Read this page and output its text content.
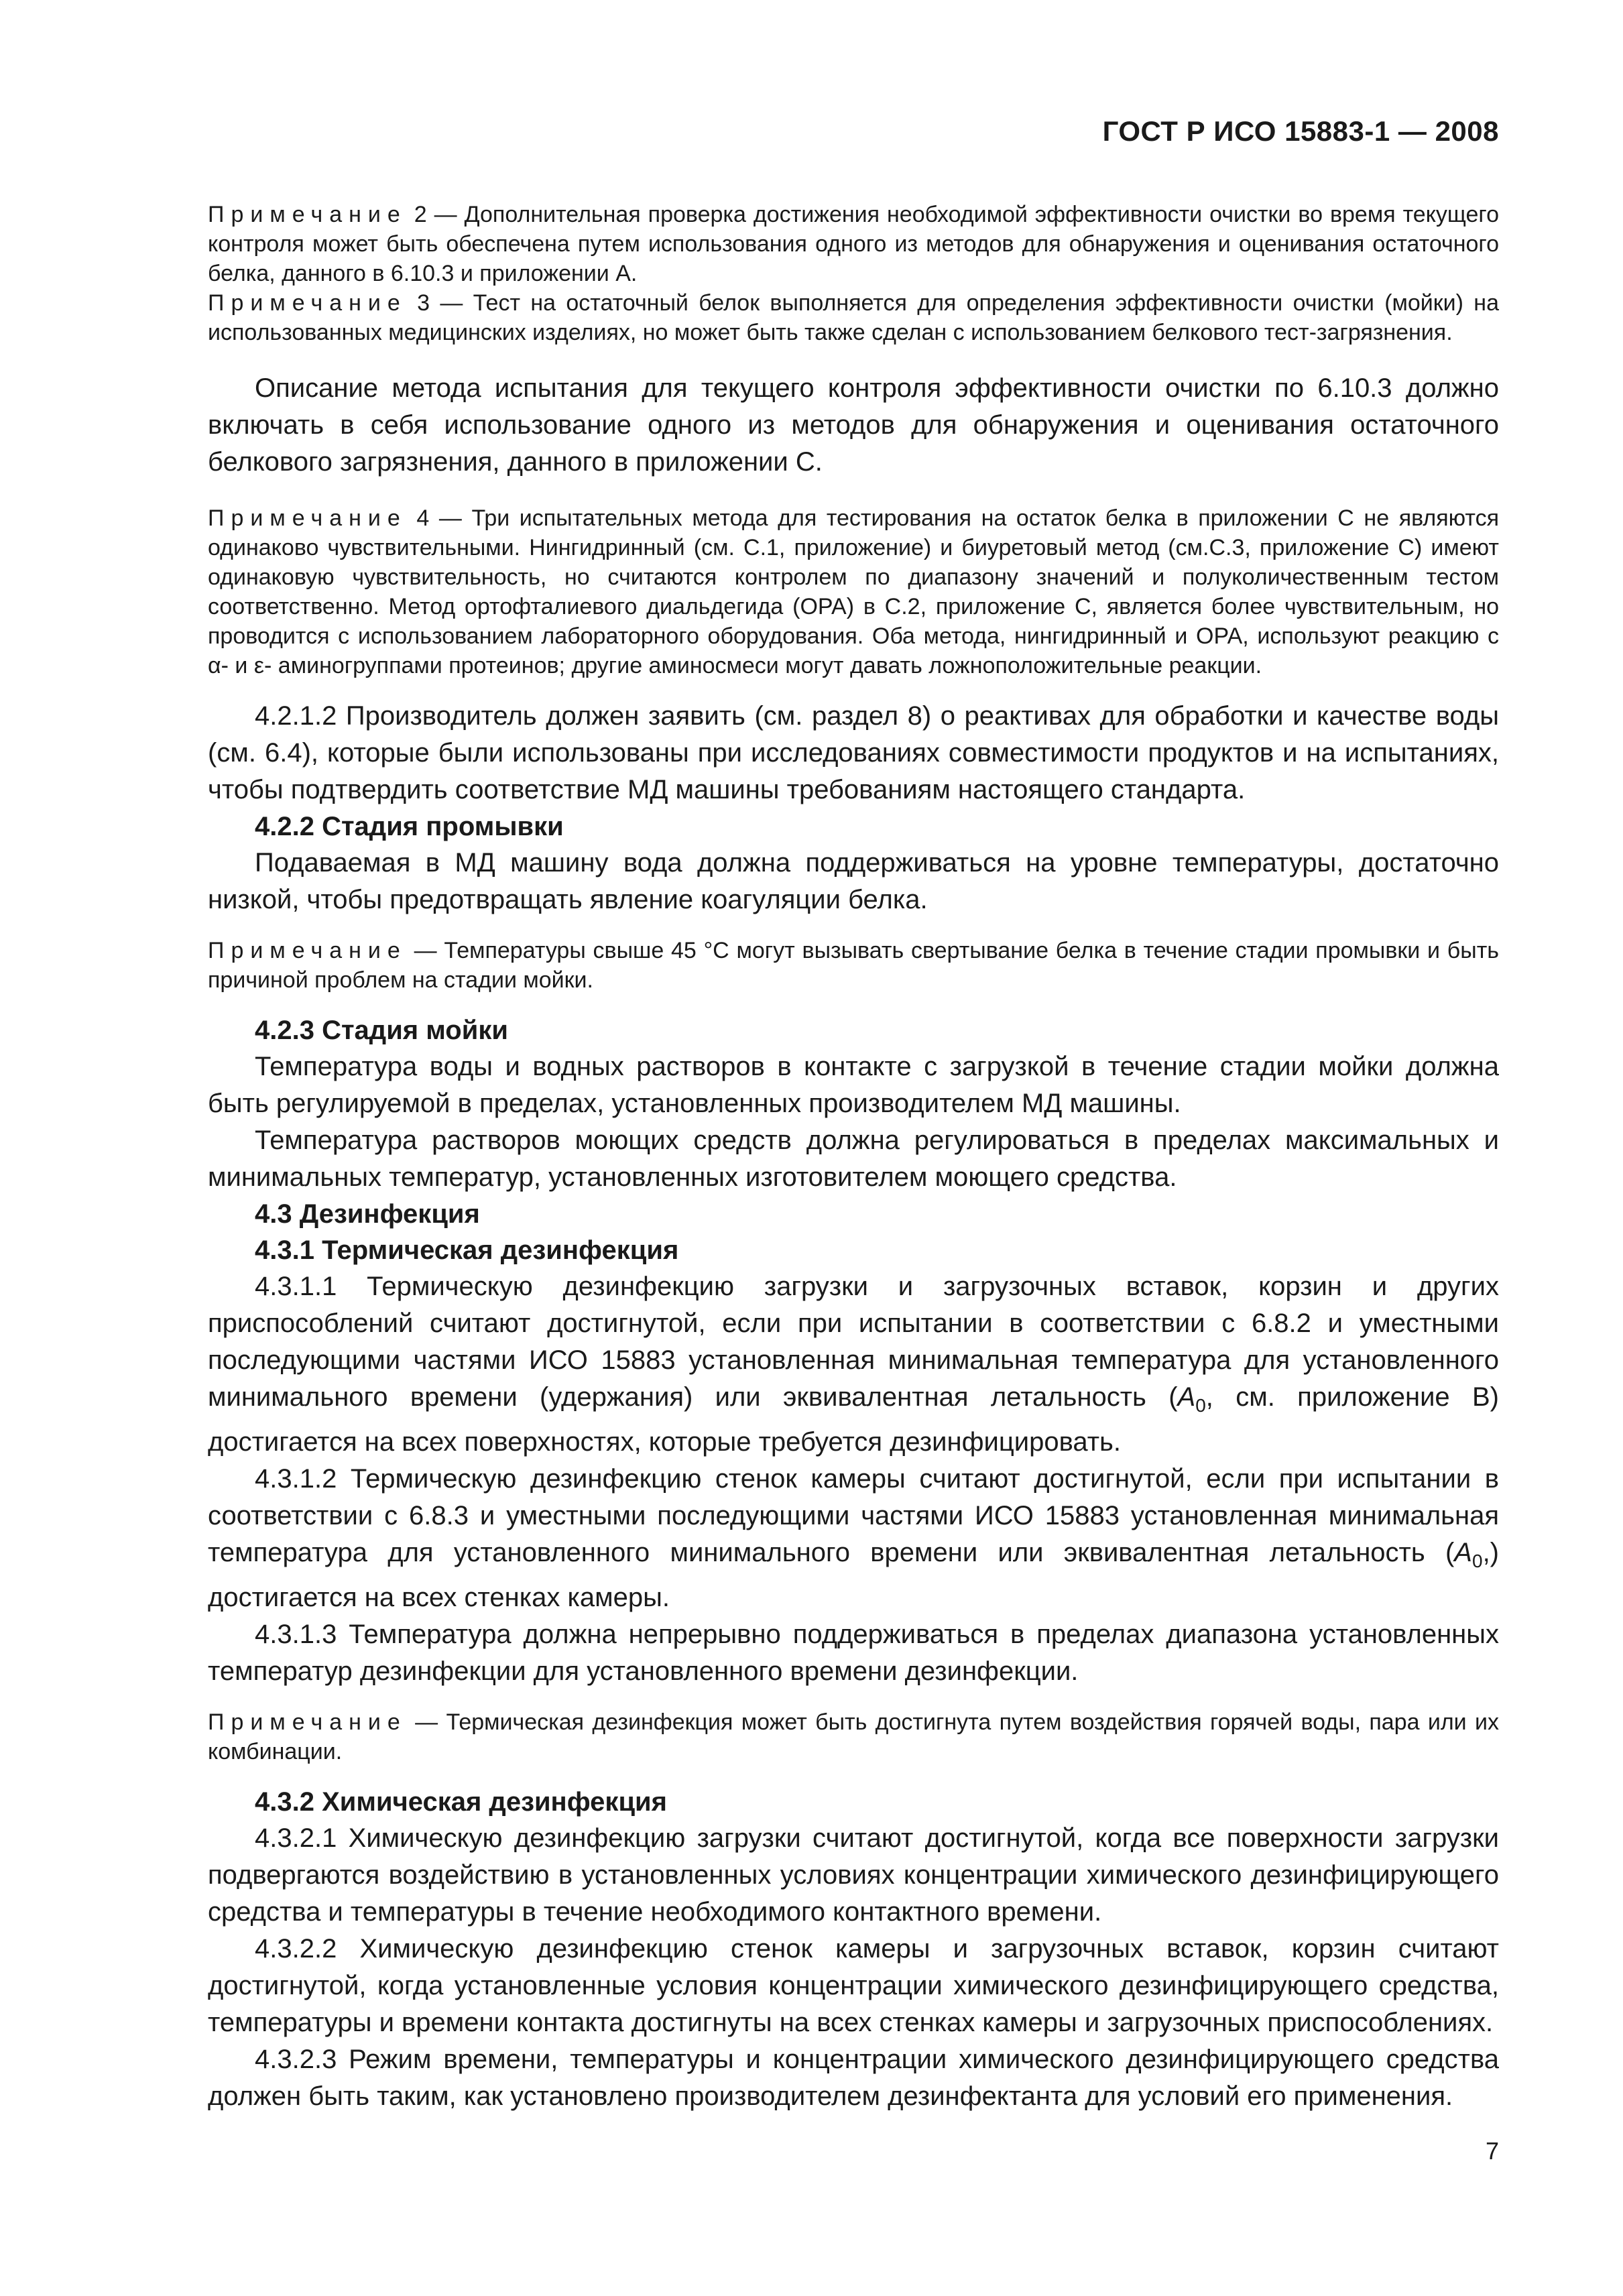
ГОСТ Р ИСО 15883-1 — 2008

Примечание 2 — Дополнительная проверка достижения необходимой эффективности очистки во время текущего контроля может быть обеспечена путем использования одного из методов для обнаружения и оценивания остаточного белка, данного в 6.10.3 и приложении А.

Примечание 3 — Тест на остаточный белок выполняется для определения эффективности очистки (мойки) на использованных медицинских изделиях, но может быть также сделан с использованием белкового тест-загрязнения.

Описание метода испытания для текущего контроля эффективности очистки по 6.10.3 должно включать в себя использование одного из методов для обнаружения и оценивания остаточного белкового загрязнения, данного в приложении С.

Примечание 4 — Три испытательных метода для тестирования на остаток белка в приложении С не являются одинаково чувствительными. Нингидринный (см. С.1, приложение) и биуретовый метод (см.С.3, приложение С) имеют одинаковую чувствительность, но считаются контролем по диапазону значений и полуколичественным тестом соответственно. Метод ортофталиевого диальдегида (OPA) в С.2, приложение С, является более чувствительным, но проводится с использованием лабораторного оборудования. Оба метода, нингидринный и OPA, используют реакцию с α- и ε- аминогруппами протеинов; другие аминосмеси могут давать ложноположительные реакции.

4.2.1.2 Производитель должен заявить (см. раздел 8) о реактивах для обработки и качестве воды (см. 6.4), которые были использованы при исследованиях совместимости продуктов и на испытаниях, чтобы подтвердить соответствие МД машины требованиям настоящего стандарта.

4.2.2 Стадия промывки

Подаваемая в МД машину вода должна поддерживаться на уровне температуры, достаточно низкой, чтобы предотвращать явление коагуляции белка.

Примечание — Температуры свыше 45 °С могут вызывать свертывание белка в течение стадии промывки и быть причиной проблем на стадии мойки.

4.2.3 Стадия мойки

Температура воды и водных растворов в контакте с загрузкой в течение стадии мойки должна быть регулируемой в пределах, установленных производителем МД машины.

Температура растворов моющих средств должна регулироваться в пределах максимальных и минимальных температур, установленных изготовителем моющего средства.

4.3 Дезинфекция
4.3.1 Термическая дезинфекция

4.3.1.1 Термическую дезинфекцию загрузки и загрузочных вставок, корзин и других приспособлений считают достигнутой, если при испытании в соответствии с 6.8.2 и уместными последующими частями ИСО 15883 установленная минимальная температура для установленного минимального времени (удержания) или эквивалентная летальность ($A_0$, см. приложение В) достигается на всех поверхностях, которые требуется дезинфицировать.

4.3.1.2 Термическую дезинфекцию стенок камеры считают достигнутой, если при испытании в соответствии с 6.8.3 и уместными последующими частями ИСО 15883 установленная минимальная температура для установленного минимального времени или эквивалентная летальность $(A_0,)$ достигается на всех стенках камеры.

4.3.1.3 Температура должна непрерывно поддерживаться в пределах диапазона установленных температур дезинфекции для установленного времени дезинфекции.

Примечание — Термическая дезинфекция может быть достигнута путем воздействия горячей воды, пара или их комбинации.

4.3.2 Химическая дезинфекция

4.3.2.1 Химическую дезинфекцию загрузки считают достигнутой, когда все поверхности загрузки подвергаются воздействию в установленных условиях концентрации химического дезинфицирующего средства и температуры в течение необходимого контактного времени.

4.3.2.2 Химическую дезинфекцию стенок камеры и загрузочных вставок, корзин считают достигнутой, когда установленные условия концентрации химического дезинфицирующего средства, температуры и времени контакта достигнуты на всех стенках камеры и загрузочных приспособлениях.

4.3.2.3 Режим времени, температуры и концентрации химического дезинфицирующего средства должен быть таким, как установлено производителем дезинфектанта для условий его применения.

7
